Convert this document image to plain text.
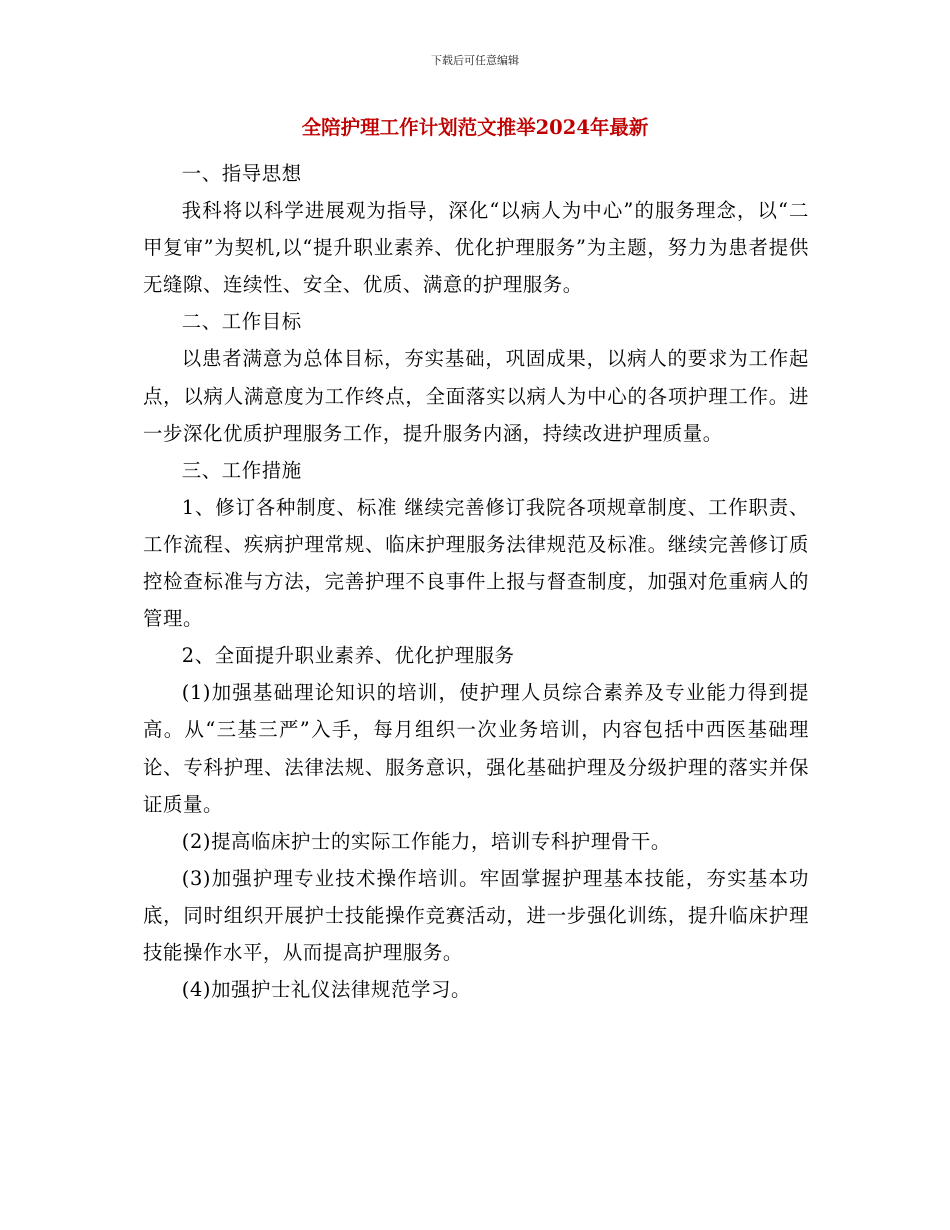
下载后可任意编辑
全陪护理工作计划范文推举2024年最新

一、指导思想

我科将以科学进展观为指导，深化“以病人为中心”的服务理念，以“二甲复审”为契机,以“提升职业素养、优化护理服务”为主题，努力为患者提供无缝隙、连续性、安全、优质、满意的护理服务。

二、工作目标

以患者满意为总体目标，夯实基础，巩固成果，以病人的要求为工作起点，以病人满意度为工作终点，全面落实以病人为中心的各项护理工作。进一步深化优质护理服务工作，提升服务内涵，持续改进护理质量。

三、工作措施

1、修订各种制度、标准 继续完善修订我院各项规章制度、工作职责、工作流程、疾病护理常规、临床护理服务法律规范及标准。继续完善修订质控检查标准与方法，完善护理不良事件上报与督查制度，加强对危重病人的管理。

2、全面提升职业素养、优化护理服务

(1)加强基础理论知识的培训，使护理人员综合素养及专业能力得到提高。从“三基三严”入手，每月组织一次业务培训，内容包括中西医基础理论、专科护理、法律法规、服务意识，强化基础护理及分级护理的落实并保证质量。

(2)提高临床护士的实际工作能力，培训专科护理骨干。

(3)加强护理专业技术操作培训。牢固掌握护理基本技能，夯实基本功底，同时组织开展护士技能操作竞赛活动，进一步强化训练，提升临床护理技能操作水平，从而提高护理服务。

(4)加强护士礼仪法律规范学习。
